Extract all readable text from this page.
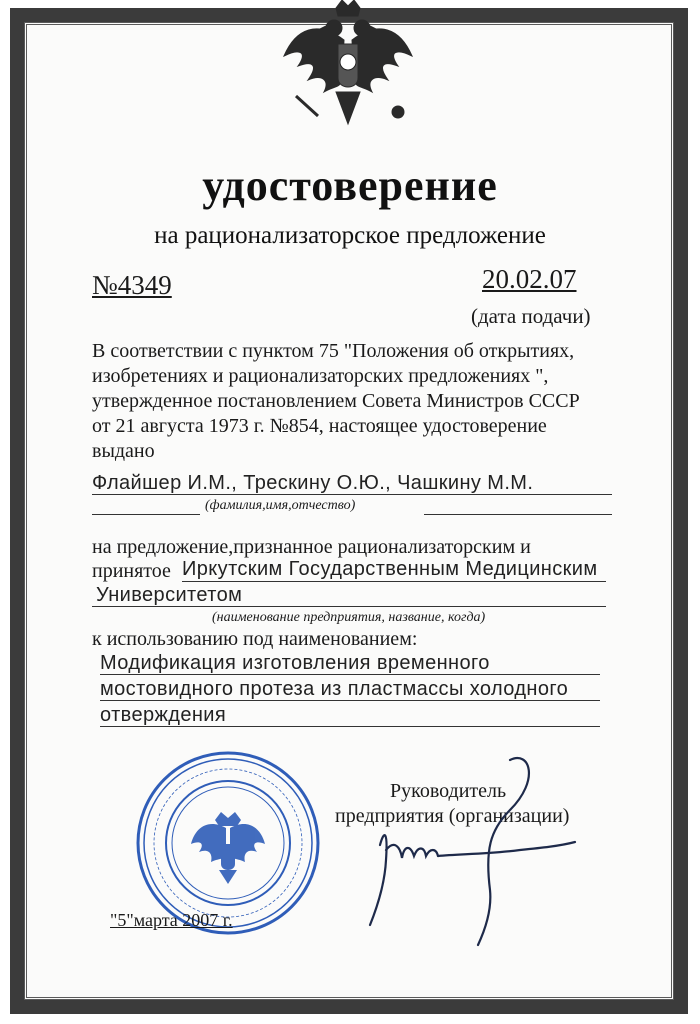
удостоверение
на рационализаторское предложение
№4349	20.02.07
(дата подачи)
В соответствии с пунктом 75 "Положения об открытиях,
изобретениях и рационализаторских предложениях ",
утвержденное постановлением Совета Министров СССР
от 21 августа 1973 г. №854, настоящее удостоверение
выдано
Флайшер И.М., Трескину О.Ю., Чашкину М.М.
(фамилия,имя,отчество)
на предложение,признанное рационализаторским и
принятое Иркутским Государственным Медицинским
Университетом
(наименование предприятия, название, когда)
к использованию под наименованием:
Модификация изготовления временного
мостовидного протеза из пластмассы холодного
отверждения
Руководитель
предприятия (организации)
"5"марта 2007 г.
